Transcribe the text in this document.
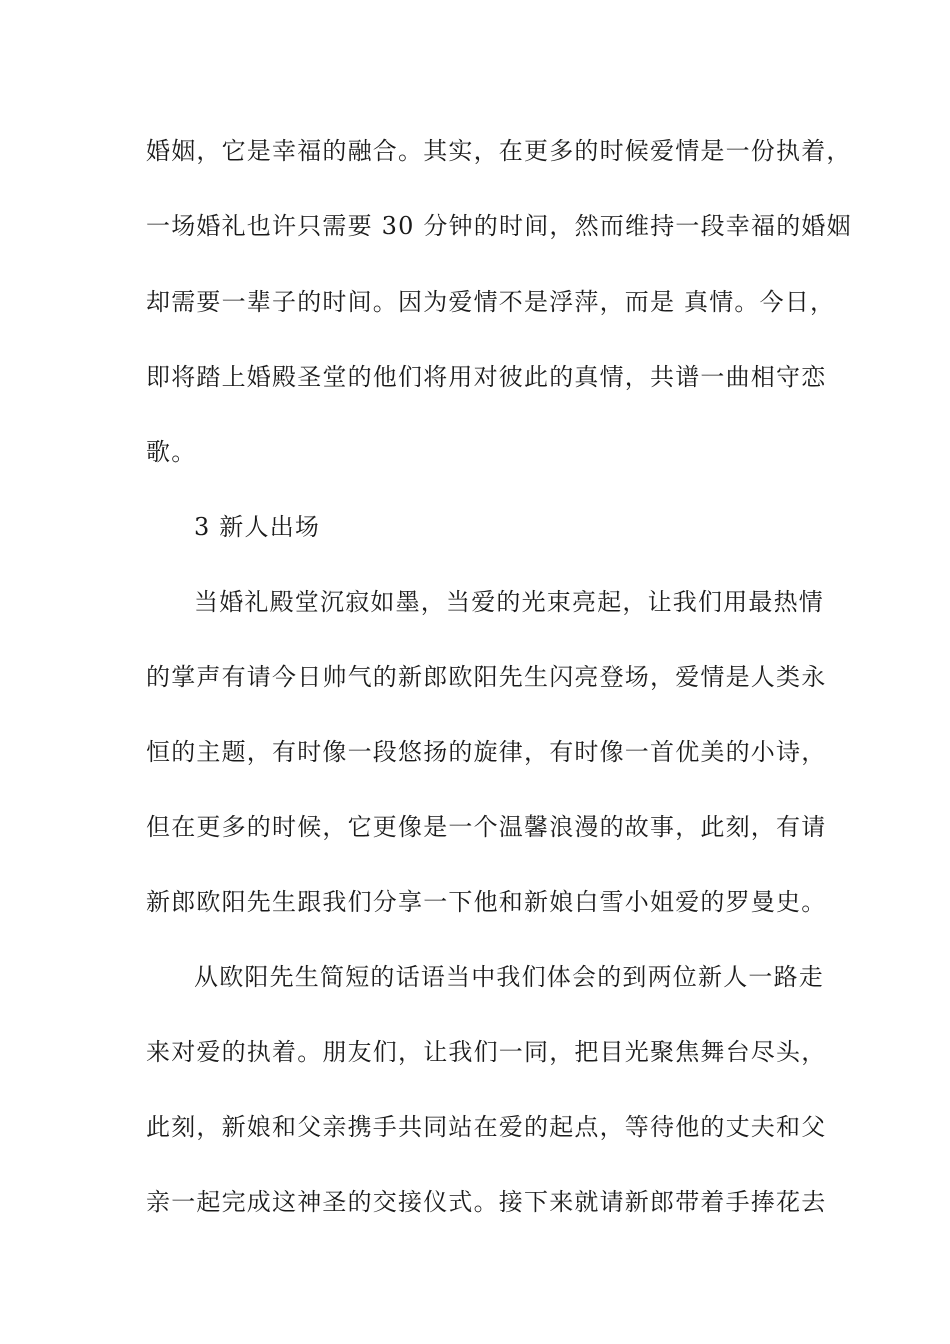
婚姻，它是幸福的融合。其实，在更多的时候爱情是一份执着，
一场婚礼也许只需要 30 分钟的时间，然而维持一段幸福的婚姻
却需要一辈子的时间。因为爱情不是浮萍，而是 真情。今日，
即将踏上婚殿圣堂的他们将用对彼此的真情，共谱一曲相守恋
歌。
3 新人出场
当婚礼殿堂沉寂如墨，当爱的光束亮起，让我们用最热情
的掌声有请今日帅气的新郎欧阳先生闪亮登场，爱情是人类永
恒的主题，有时像一段悠扬的旋律，有时像一首优美的小诗，
但在更多的时候，它更像是一个温馨浪漫的故事，此刻，有请
新郎欧阳先生跟我们分享一下他和新娘白雪小姐爱的罗曼史。
从欧阳先生简短的话语当中我们体会的到两位新人一路走
来对爱的执着。朋友们，让我们一同，把目光聚焦舞台尽头，
此刻，新娘和父亲携手共同站在爱的起点，等待他的丈夫和父
亲一起完成这神圣的交接仪式。接下来就请新郎带着手捧花去
